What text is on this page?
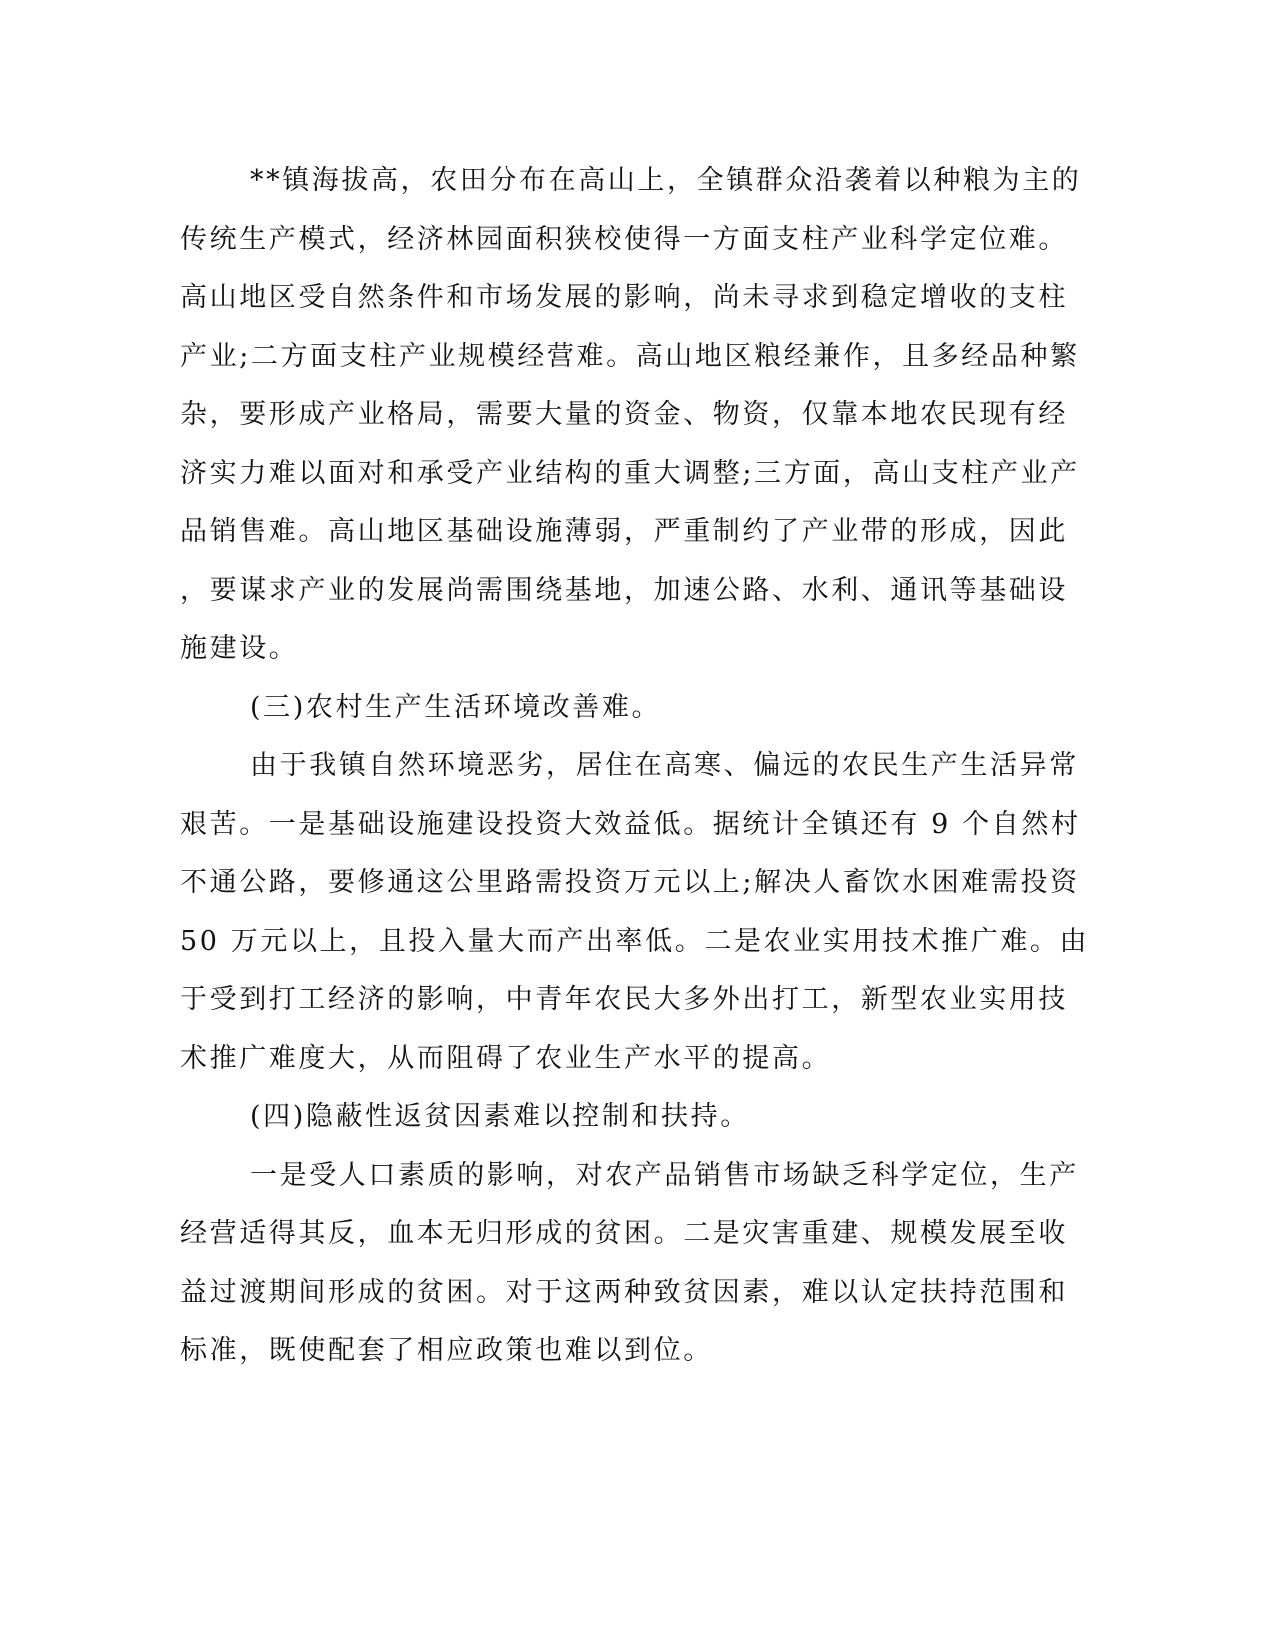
**镇海拔高，农田分布在高山上，全镇群众沿袭着以种粮为主的
传统生产模式，经济林园面积狭校使得一方面支柱产业科学定位难。
高山地区受自然条件和市场发展的影响，尚未寻求到稳定增收的支柱
产业;二方面支柱产业规模经营难。高山地区粮经兼作，且多经品种繁
杂，要形成产业格局，需要大量的资金、物资，仅靠本地农民现有经
济实力难以面对和承受产业结构的重大调整;三方面，高山支柱产业产
品销售难。高山地区基础设施薄弱，严重制约了产业带的形成，因此
，要谋求产业的发展尚需围绕基地，加速公路、水利、通讯等基础设
施建设。

(三)农村生产生活环境改善难。

由于我镇自然环境恶劣，居住在高寒、偏远的农民生产生活异常
艰苦。一是基础设施建设投资大效益低。据统计全镇还有 9 个自然村
不通公路，要修通这公里路需投资万元以上;解决人畜饮水困难需投资
50 万元以上，且投入量大而产出率低。二是农业实用技术推广难。由
于受到打工经济的影响，中青年农民大多外出打工，新型农业实用技
术推广难度大，从而阻碍了农业生产水平的提高。

(四)隐蔽性返贫因素难以控制和扶持。

一是受人口素质的影响，对农产品销售市场缺乏科学定位，生产
经营适得其反，血本无归形成的贫困。二是灾害重建、规模发展至收
益过渡期间形成的贫困。对于这两种致贫因素，难以认定扶持范围和
标准，既使配套了相应政策也难以到位。
